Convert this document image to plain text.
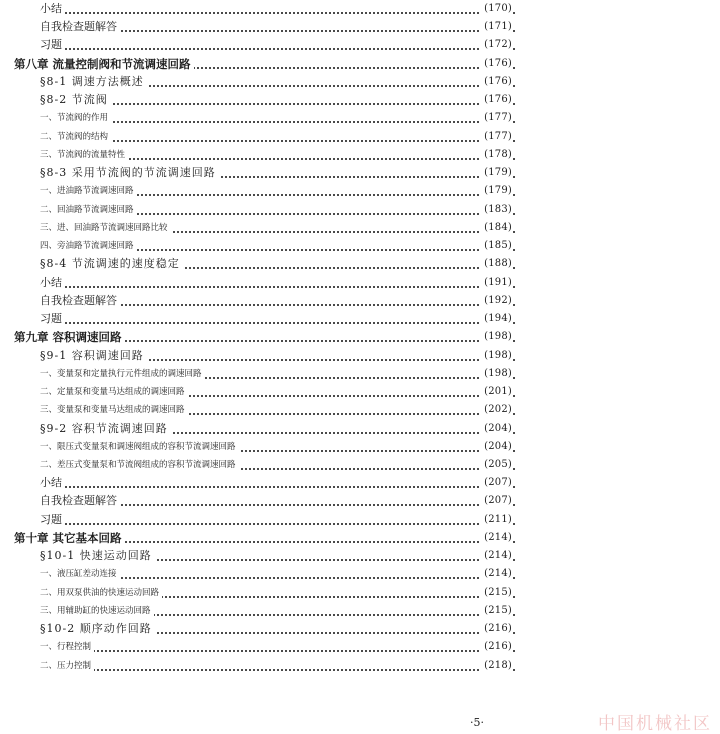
小结	(170)
自我检查题解答	(171)
习题	(172)
第八章 流量控制阀和节流调速回路	(176)
§8-1 调速方法概述	(176)
§8-2 节流阀	(176)
一、节流阀的作用	(177)
二、节流阀的结构	(177)
三、节流阀的流量特性	(178)
§8-3 采用节流阀的节流调速回路	(179)
一、进油路节流调速回路	(179)
二、回油路节流调速回路	(183)
三、进、回油路节流调速回路比较	(184)
四、旁油路节流调速回路	(185)
§8-4 节流调速的速度稳定	(188)
小结	(191)
自我检查题解答	(192)
习题	(194)
第九章 容积调速回路	(198)
§9-1 容积调速回路	(198)
一、变量泵和定量执行元件组成的调速回路	(198)
二、定量泵和变量马达组成的调速回路	(201)
三、变量泵和变量马达组成的调速回路	(202)
§9-2 容积节流调速回路	(204)
一、限压式变量泵和调速阀组成的容积节流调速回路	(204)
二、差压式变量泵和节流阀组成的容积节流调速回路	(205)
小结	(207)
自我检查题解答	(207)
习题	(211)
第十章 其它基本回路	(214)
§10-1 快速运动回路	(214)
一、液压缸差动连接	(214)
二、用双泵供油的快速运动回路	(215)
三、用辅助缸的快速运动回路	(215)
§10-2 顺序动作回路	(216)
一、行程控制	(216)
二、压力控制	(218)
·5·	中国机械社区
